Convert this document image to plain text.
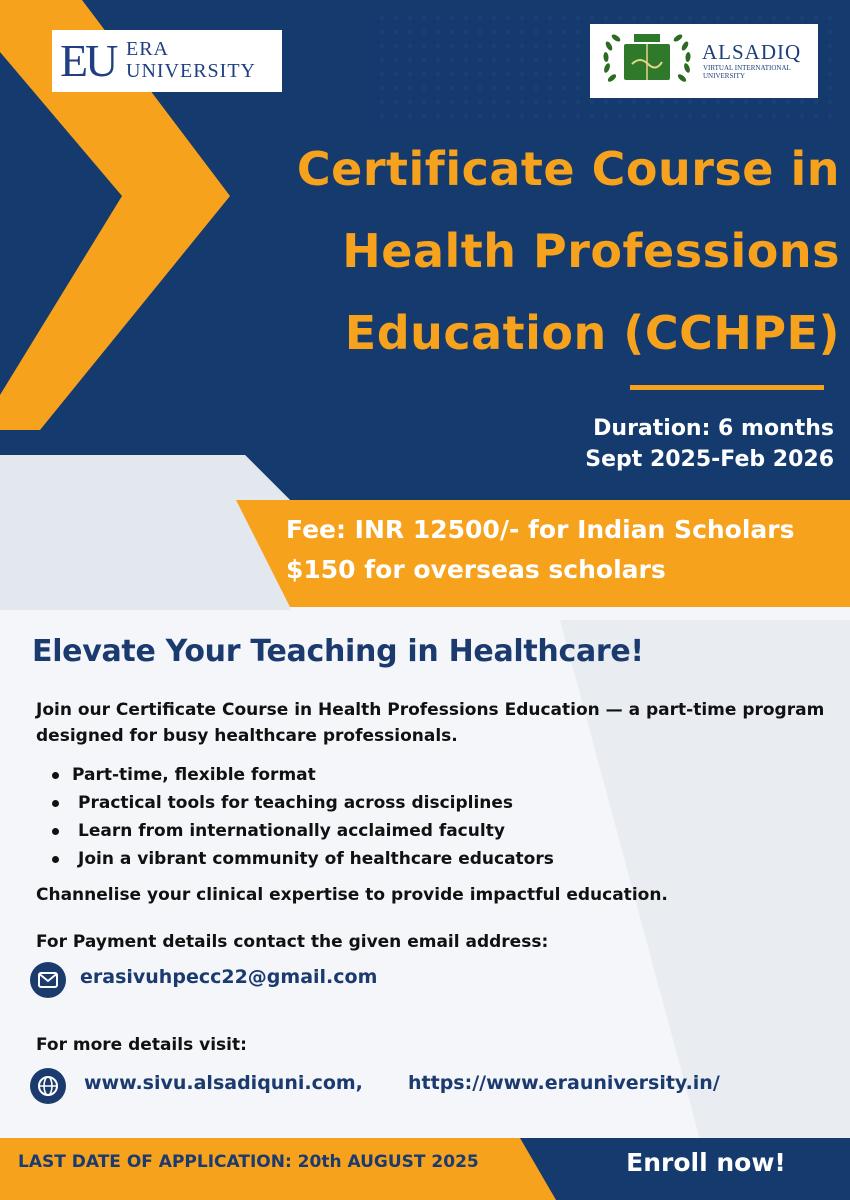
EU ERA
UNIVERSITY
ALSADIQ
VIRTUAL INTERNATIONAL UNIVERSITY
Certificate Course in
Health Professions
Education (CCHPE)
Duration: 6 months
Sept 2025-Feb 2026
Fee: INR 12500/- for Indian Scholars
$150 for overseas scholars
Elevate Your Teaching in Healthcare!
Join our Certificate Course in Health Professions Education — a part-time program designed for busy healthcare professionals.
Part-time, flexible format
Practical tools for teaching across disciplines
Learn from internationally acclaimed faculty
Join a vibrant community of healthcare educators
Channelise your clinical expertise to provide impactful education.
For Payment details contact the given email address:
erasivuhpecc22@gmail.com
For more details visit:
www.sivu.alsadiquni.com, https://www.erauniversity.in/
LAST DATE OF APPLICATION: 20th AUGUST 2025	Enroll now!
